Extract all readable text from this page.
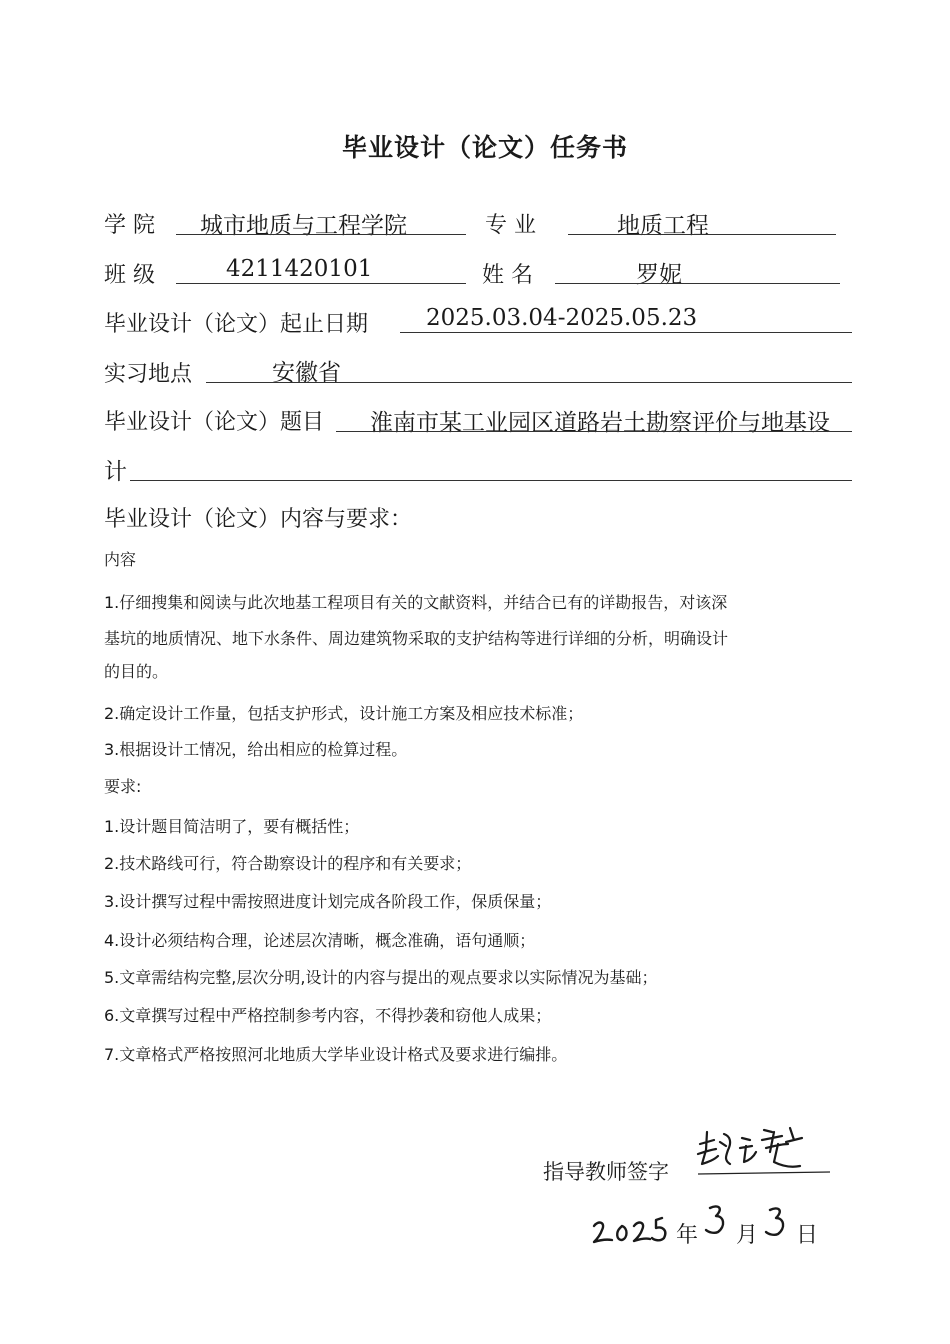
毕业设计（论文）任务书
学 院 城市地质与工程学院	专 业	地质工程
班 级	4211420101	姓 名	罗妮
毕业设计（论文）起止日期	2025.03.04-2025.05.23
实习地点	安徽省
毕业设计（论文）题目 淮南市某工业园区道路岩土勘察评价与地基设
计
毕业设计（论文）内容与要求：
内容
1.仔细搜集和阅读与此次地基工程项目有关的文献资料，并结合已有的详勘报告，对该深
基坑的地质情况、地下水条件、周边建筑物采取的支护结构等进行详细的分析，明确设计
的目的。
2.确定设计工作量，包括支护形式，设计施工方案及相应技术标准；
3.根据设计工情况，给出相应的检算过程。
要求:
1.设计题目简洁明了，要有概括性；
2.技术路线可行，符合勘察设计的程序和有关要求；
3.设计撰写过程中需按照进度计划完成各阶段工作，保质保量；
4.设计必须结构合理，论述层次清晰，概念准确，语句通顺；
5.文章需结构完整,层次分明,设计的内容与提出的观点要求以实际情况为基础；
6.文章撰写过程中严格控制参考内容，不得抄袭和窃他人成果；
7.文章格式严格按照河北地质大学毕业设计格式及要求进行编排。
指导教师签字
年 月 日
